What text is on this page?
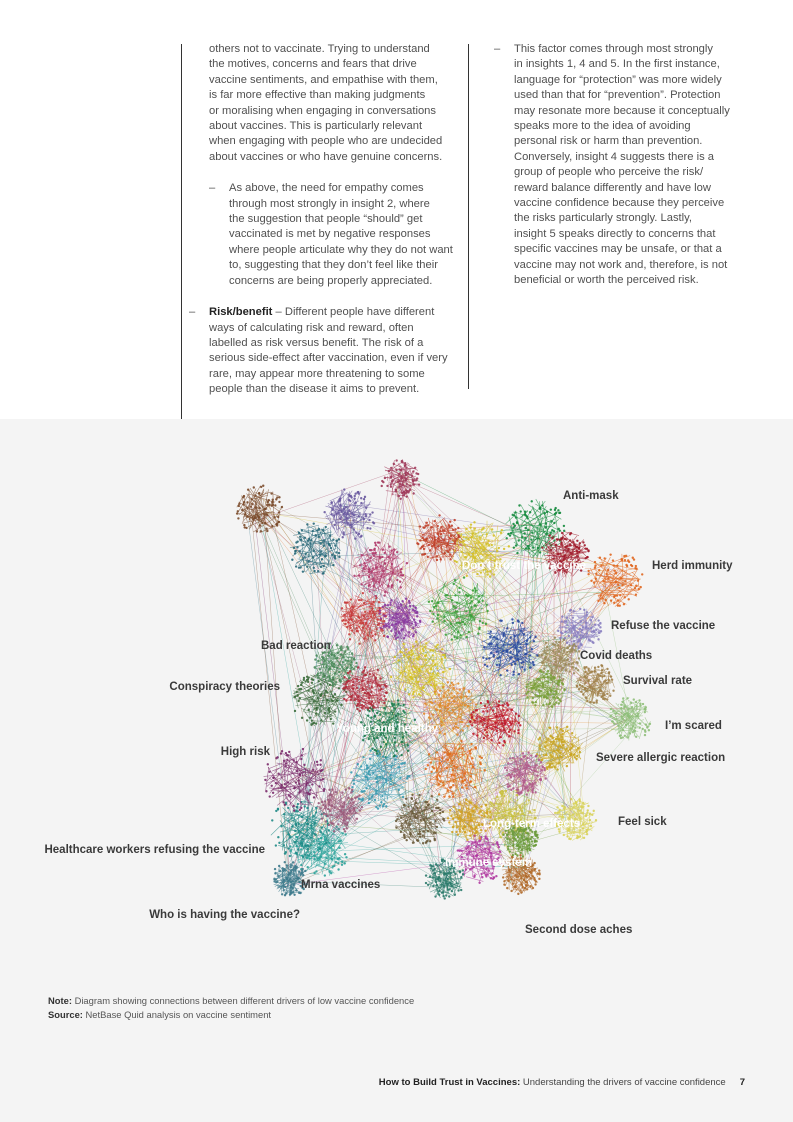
others not to vaccinate. Trying to understand
the motives, concerns and fears that drive
vaccine sentiments, and empathise with them,
is far more effective than making judgments
or moralising when engaging in conversations
about vaccines. This is particularly relevant
when engaging with people who are undecided
about vaccines or who have genuine concerns.
– As above, the need for empathy comes
through most strongly in insight 2, where
the suggestion that people “should” get
vaccinated is met by negative responses
where people articulate why they do not want
to, suggesting that they don’t feel like their
concerns are being properly appreciated.
– Risk/benefit – Different people have different
ways of calculating risk and reward, often
labelled as risk versus benefit. The risk of a
serious side-effect after vaccination, even if very
rare, may appear more threatening to some
people than the disease it aims to prevent.
– This factor comes through most strongly
in insights 1, 4 and 5. In the first instance,
language for “protection” was more widely
used than that for “prevention”. Protection
may resonate more because it conceptually
speaks more to the idea of avoiding
personal risk or harm than prevention.
Conversely, insight 4 suggests there is a
group of people who perceive the risk/
reward balance differently and have low
vaccine confidence because they perceive
the risks particularly strongly. Lastly,
insight 5 speaks directly to concerns that
specific vaccines may be unsafe, or that a
vaccine may not work and, therefore, is not
beneficial or worth the perceived risk.
Anti-mask
Don’t trust the vaccine	Herd immunity
Refuse the vaccine
Covid deaths
Survival rate
I’m scared
Severe allergic reaction
Feel sick
Second dose aches
Long-term effects
Immune system
Mrna vaccines
Who is having the vaccine?
Healthcare workers refusing the vaccine
High risk
Conspiracy theories
Bad reaction
Young and healthy
Note: Diagram showing connections between different drivers of low vaccine confidence
Source: NetBase Quid analysis on vaccine sentiment
How to Build Trust in Vaccines: Understanding the drivers of vaccine confidence 7
